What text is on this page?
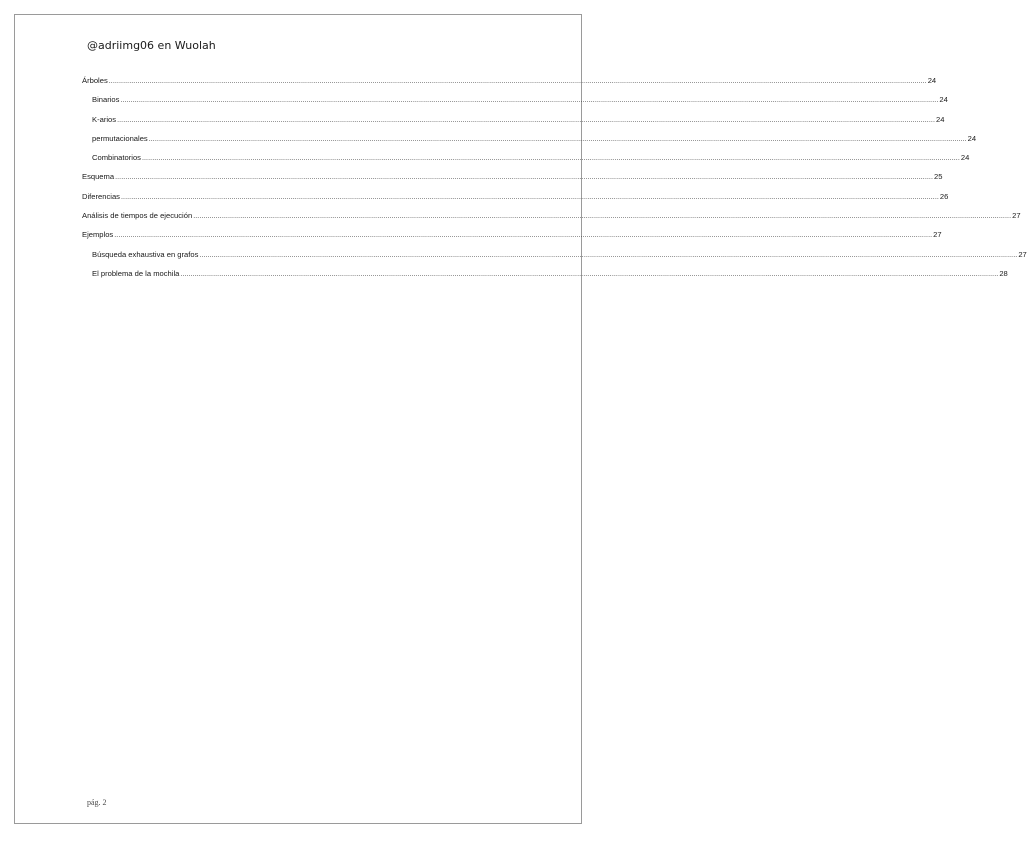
@adriimg06 en Wuolah
Árboles ................................................................................................................................................................................................................................................................................................................................................................................................................ 24
Binarios ................................................................................................................................................................................................................................................................................................................................................................................................................ 24
K-arios ................................................................................................................................................................................................................................................................................................................................................................................................................ 24
permutacionales ................................................................................................................................................................................................................................................................................................................................................................................................................ 24
Combinatorios ................................................................................................................................................................................................................................................................................................................................................................................................................ 24
Esquema ................................................................................................................................................................................................................................................................................................................................................................................................................ 25
Diferencias ................................................................................................................................................................................................................................................................................................................................................................................................................ 26
Análisis de tiempos de ejecución ................................................................................................................................................................................................................................................................................................................................................................................................................ 27
Ejemplos ................................................................................................................................................................................................................................................................................................................................................................................................................ 27
Búsqueda exhaustiva en grafos ................................................................................................................................................................................................................................................................................................................................................................................................................ 27
El problema de la mochila ................................................................................................................................................................................................................................................................................................................................................................................................................ 28
pág. 2
